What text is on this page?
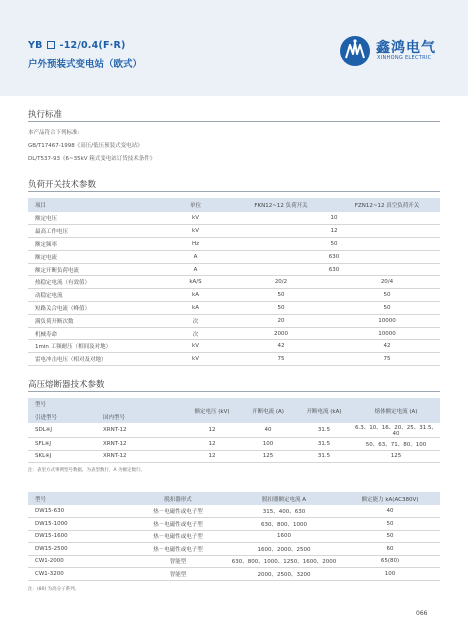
YB -12/0.4(F·R)
户外预装式变电站（欧式）
鑫鸿电气
XINHONG ELECTRIC
执行标准
本产品符合下列标准：
GB/T17467-1998《高压/低压预装式变电站》
DL/T537-93《6~35kV 箱式变电站订货技术条件》
负荷开关技术参数
项目	单位	FKN12~12 负荷开关	FZN12~12 真空负荷开关
额定电压	kV	10	
最高工作电压	kV	12	
额定频率	Hz	50	
额定电流	A	630	
额定开断负荷电流	A	630	
热稳定电流（有效值）	kA/S	20/2	20/4
动稳定电流	kA	50	50
短路关合电流（峰值）	kA	50	50
满负荷开断次数	次	20	10000
机械寿命	次	2000	10000
1min 工频耐压（相间及对地）	kV	42	42
雷电冲击电压（相对及对地）	kV	75	75
高压熔断器技术参数
型号		额定电压 (kV)	开断电流 (A)	开断电流 (kA)	熔体额定电流 (A)
引进型号	国内型号				
SDL※J	XRNT-12	12	40	31.5	6.3、10、16、20、25、31.5、40
SFL※J	XRNT-12	12	100	31.5	50、63、71、80、100
SKL※J	XRNT-12	12	125	31.5	125
注：表里方式事例型号数据，为表型数行，A 为额定数行。
型号	脱扣器形式	脱扣器额定电流 A	额定能力 kA(AC380V)
DW15-630	热－电磁性或电子型	315、400、630	40
DW15-1000	热－电磁性或电子型	630、800、1000	50
DW15-1600	热－电磁性或电子型	1600	50
DW15-2500	热－电磁性或电子型	1600、2000、2500	60
CW1-2000	智能型	630、800、1000、1250、1600、2000	65(80)
CW1-3200	智能型	2000、2500、3200	100
注：(80) 为高分子系列。
066
